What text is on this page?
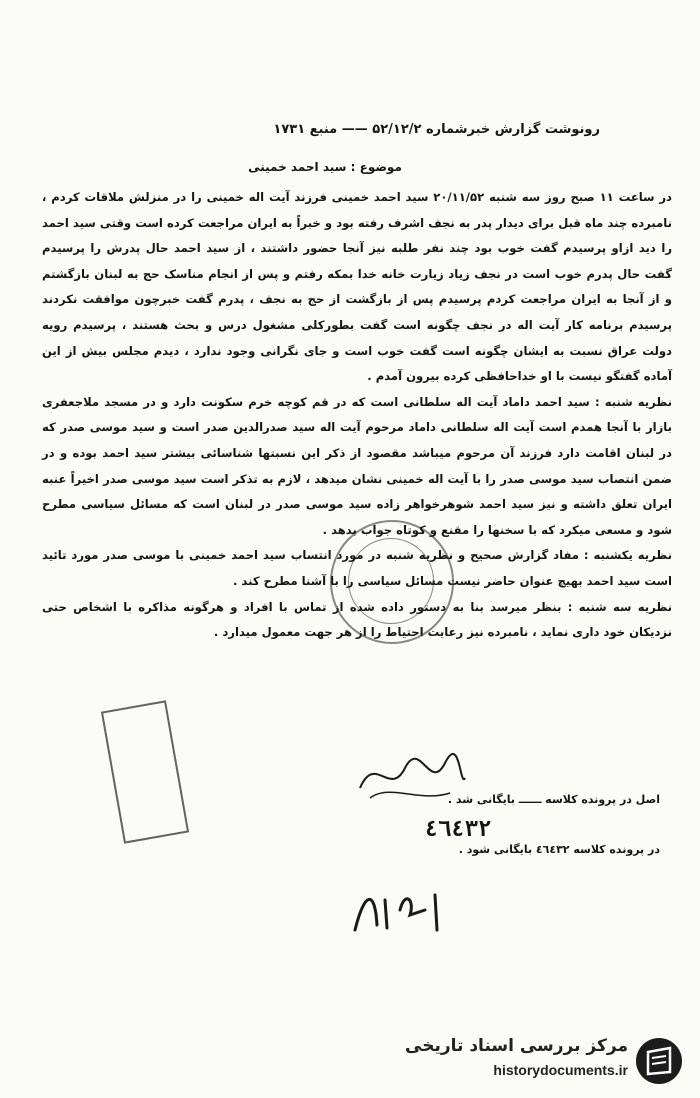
رونوشت گزارش خبرشماره ۵۲/۱۲/۲ —— منبع ۱۷۳۱
موضوع : سید احمد خمینی

در ساعت ۱۱ صبح روز سه شنبه ۲۰/۱۱/۵۲ سید احمد خمینی فرزند آیت اله خمینی را در منزلش ملاقات کردم ، نامبرده چند ماه قبل برای دیدار پدر به نجف اشرف رفته بود و خبراً به ایران مراجعت کرده است وقتی سید احمد را دید ازاو پرسیدم گفت خوب بود چند نفر طلبه نیز آنجا حضور داشتند ، از سید احمد حال پدرش را پرسیدم گفت حال پدرم خوب است در نجف زیاد زیارت خانه خدا بمکه رفتم و پس از انجام مناسک حج به لبنان بازگشتم و از آنجا به ایران مراجعت کردم پرسیدم پس از بازگشت از حج به نجف ، پدرم گفت خبرچون موافقت نکردند پرسیدم برنامه کار آیت اله در نجف چگونه است گفت بطورکلی مشغول درس و بحث هستند ، پرسیدم رویه دولت عراق نسبت به ایشان چگونه است گفت خوب است و جای نگرانی وجود ندارد ، دیدم مجلس بیش از این آماده گفتگو نیست با او خداحافظی کرده بیرون آمدم .

نظریه شنبه : سید احمد داماد آیت اله سلطانی است که در قم کوچه خرم سکونت دارد و در مسجد ملاجعفری بازار با آنجا همدم است آیت اله سلطانی داماد مرحوم آیت اله سید صدرالدین صدر است و سید موسی صدر که در لبنان اقامت دارد فرزند آن مرحوم میباشد مقصود از ذکر این نسبتها شناسائی بیشتر سید احمد بوده و در ضمن انتصاب سید موسی صدر را با آیت اله خمینی نشان میدهد ، لازم به تذکر است سید موسی صدر اخیراً عنبه ایران تعلق داشته و نیز سید احمد شوهرخواهر زاده سید موسی صدر در لبنان است که مسائل سیاسی مطرح شود و مسعی میکرد که با سخنها را مقنع و کوتاه جواب بدهد .

نظریه یکشنبه : مفاد گزارش صحیح و نظریه شنبه در مورد انتساب سید احمد خمینی با موسی صدر مورد تائید است سید احمد بهیچ عنوان حاضر نیست مسائل سیاسی را با آشنا مطرح کند .

نظریه سه شنبه : بنظر میرسد بنا به دستور داده شده از تماس با افراد و هرگونه مذاکره با اشخاص حتی نزدیکان خود داری نماید ، نامبرده نیز رعایت احتیاط را از هر جهت معمول میدارد .

اصل در پرونده کلاسه ــــــ بایگانی شد .
٤٦٤٣٢
در پرونده کلاسه ٤٦٤٣٢ بایگانی شود .
مرکز بررسی اسناد تاریخی
historydocuments.ir
